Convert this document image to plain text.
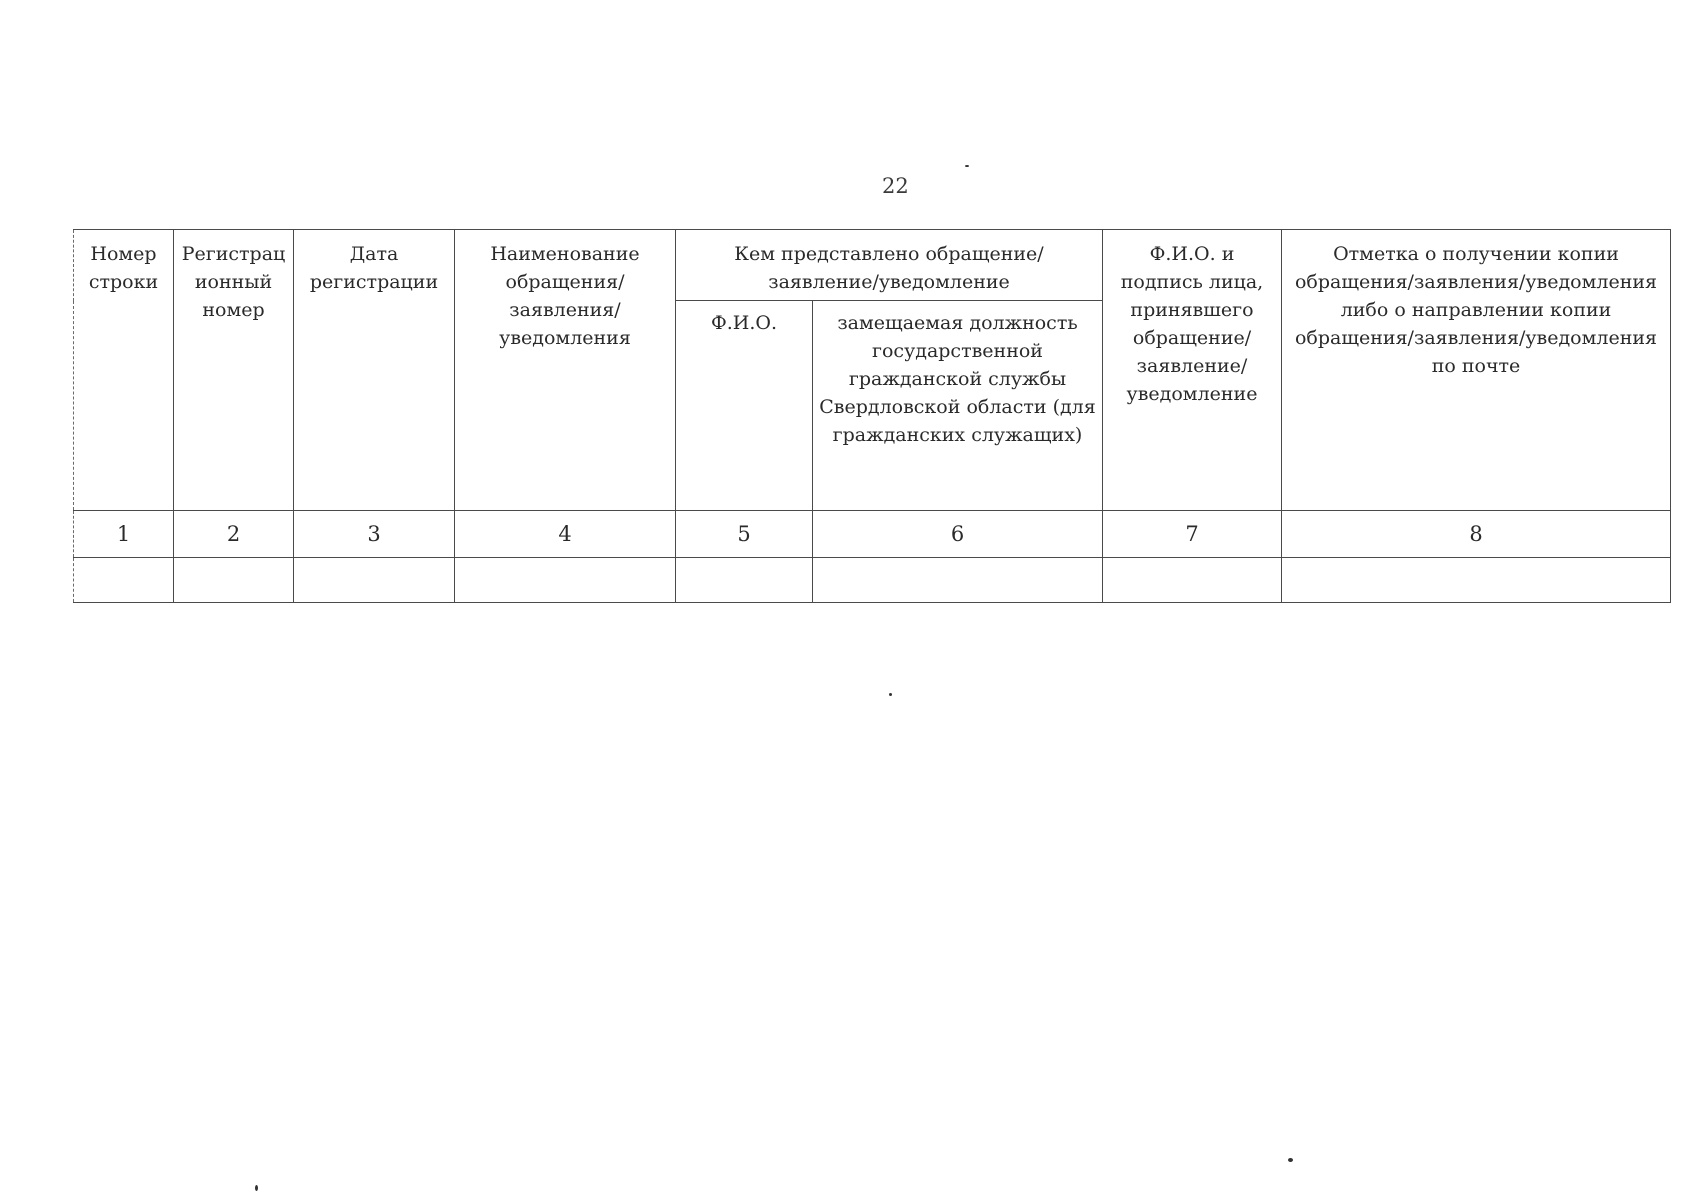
22
Номер строки	Регистрационный номер	Дата регистрации	Наименование обращения/заявления/уведомления	Кем представлено обращение/заявление/уведомление		Ф.И.О. и подпись лица, принявшего обращение/заявление/уведомление	Отметка о получении копии обращения/заявления/уведомления либо о направлении копии обращения/заявления/уведомления по почте
				Ф.И.О.	замещаемая должность государственной гражданской службы Свердловской области (для гражданских служащих)		
1	2	3	4	5	6	7	8
